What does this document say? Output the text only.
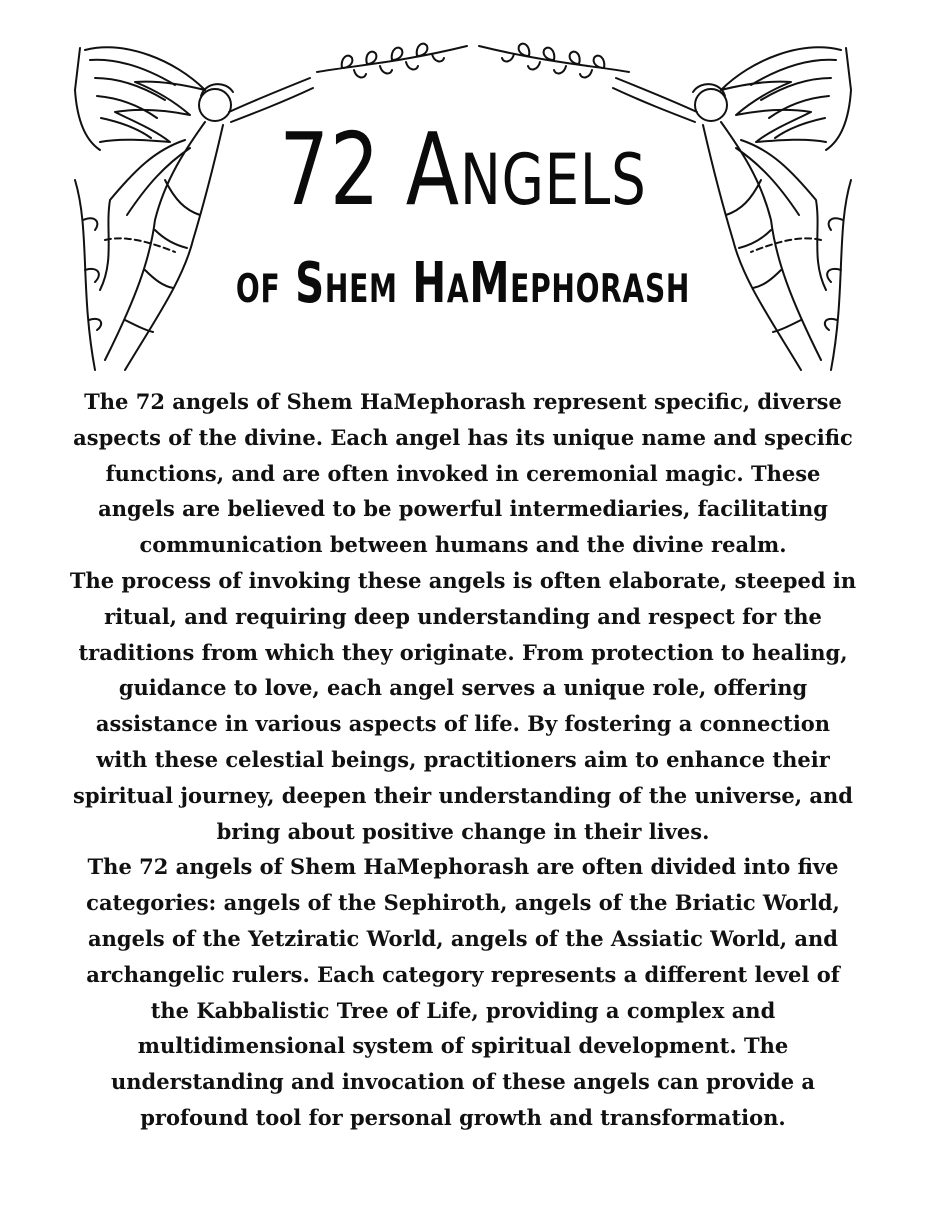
72 Angels
of Shem HaMephorash

The 72 angels of Shem HaMephorash represent specific, diverse aspects of the divine. Each angel has its unique name and specific functions, and are often invoked in ceremonial magic. These angels are believed to be powerful intermediaries, facilitating communication between humans and the divine realm.

The process of invoking these angels is often elaborate, steeped in ritual, and requiring deep understanding and respect for the traditions from which they originate. From protection to healing, guidance to love, each angel serves a unique role, offering assistance in various aspects of life. By fostering a connection with these celestial beings, practitioners aim to enhance their spiritual journey, deepen their understanding of the universe, and bring about positive change in their lives.

The 72 angels of Shem HaMephorash are often divided into five categories: angels of the Sephiroth, angels of the Briatic World, angels of the Yetziratic World, angels of the Assiatic World, and archangelic rulers. Each category represents a different level of the Kabbalistic Tree of Life, providing a complex and multidimensional system of spiritual development. The understanding and invocation of these angels can provide a profound tool for personal growth and transformation.
